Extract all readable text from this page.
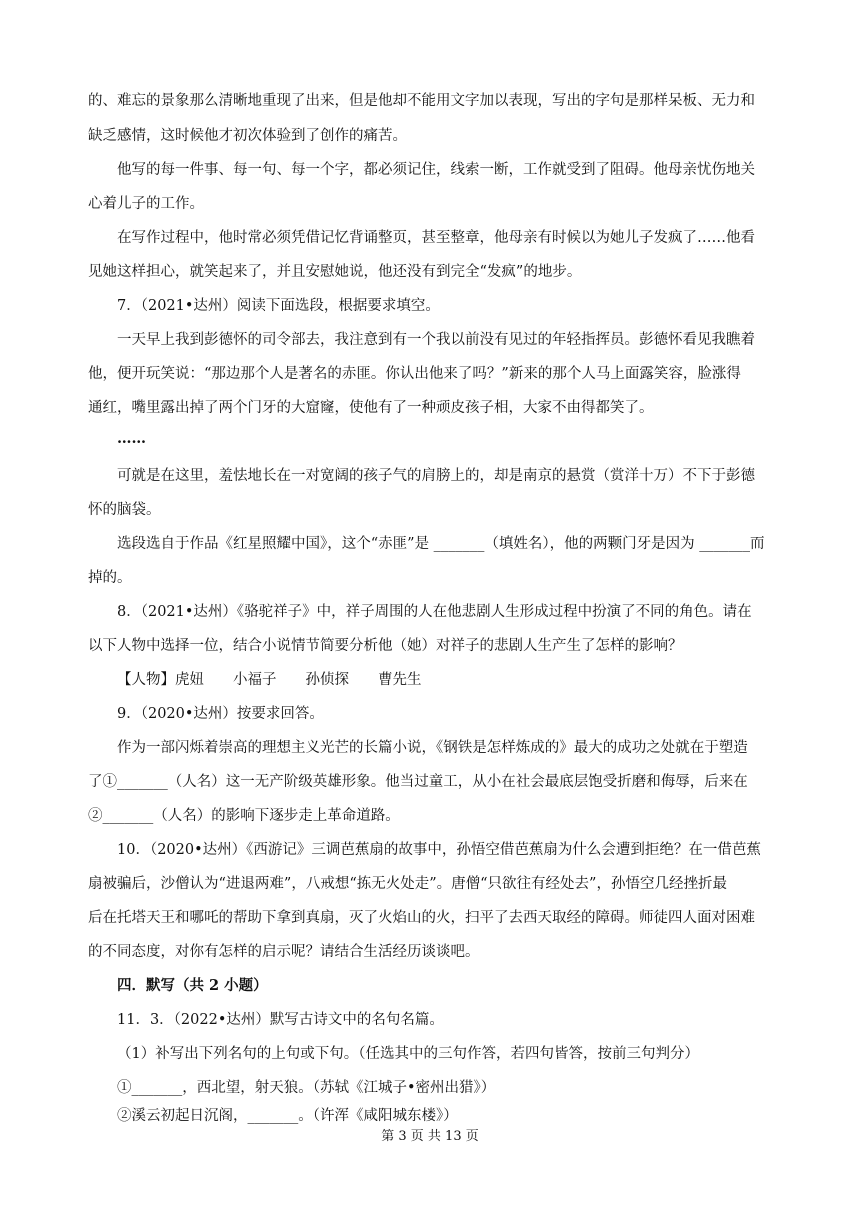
的、难忘的景象那么清晰地重现了出来，但是他却不能用文字加以表现，写出的字句是那样呆板、无力和
缺乏感情，这时候他才初次体验到了创作的痛苦。
他写的每一件事、每一句、每一个字，都必须记住，线索一断，工作就受到了阻碍。他母亲忧伤地关
心着儿子的工作。
在写作过程中，他时常必须凭借记忆背诵整页，甚至整章，他母亲有时候以为她儿子发疯了……他看
见她这样担心，就笑起来了，并且安慰她说，他还没有到完全“发疯”的地步。
7．（2021•达州）阅读下面选段，根据要求填空。
一天早上我到彭德怀的司令部去，我注意到有一个我以前没有见过的年轻指挥员。彭德怀看见我瞧着
他，便开玩笑说：“那边那个人是著名的赤匪。你认出他来了吗？”新来的那个人马上面露笑容，脸涨得
通红，嘴里露出掉了两个门牙的大窟窿，使他有了一种顽皮孩子相，大家不由得都笑了。
……
可就是在这里，羞怯地长在一对宽阔的孩子气的肩膀上的，却是南京的悬赏（赏洋十万）不下于彭德
怀的脑袋。
选段选自于作品《红星照耀中国》，这个“赤匪”是 _______（填姓名），他的两颗门牙是因为 _______而
掉的。
8．（2021•达州）《骆驼祥子》中，祥子周围的人在他悲剧人生形成过程中扮演了不同的角色。请在
以下人物中选择一位，结合小说情节简要分析他（她）对祥子的悲剧人生产生了怎样的影响？
【人物】虎妞　　小福子　　孙侦探　　曹先生
9．（2020•达州）按要求回答。
作为一部闪烁着崇高的理想主义光芒的长篇小说，《钢铁是怎样炼成的》最大的成功之处就在于塑造
了①_______（人名）这一无产阶级英雄形象。他当过童工，从小在社会最底层饱受折磨和侮辱，后来在
②_______（人名）的影响下逐步走上革命道路。
10．（2020•达州）《西游记》三调芭蕉扇的故事中，孙悟空借芭蕉扇为什么会遭到拒绝？在一借芭蕉
扇被骗后，沙僧认为“进退两难”，八戒想“拣无火处走”。唐僧“只欲往有经处去”，孙悟空几经挫折最
后在托塔天王和哪吒的帮助下拿到真扇，灭了火焰山的火，扫平了去西天取经的障碍。师徒四人面对困难
的不同态度，对你有怎样的启示呢？请结合生活经历谈谈吧。
四．默写（共 2 小题）
11．3．（2022•达州）默写古诗文中的名句名篇。
（1）补写出下列名句的上句或下句。（任选其中的三句作答，若四句皆答，按前三句判分）
①_______，西北望，射天狼。（苏轼《江城子•密州出猎》）
②溪云初起日沉阁，_______。（许浑《咸阳城东楼》）
第 3 页 共 13 页
